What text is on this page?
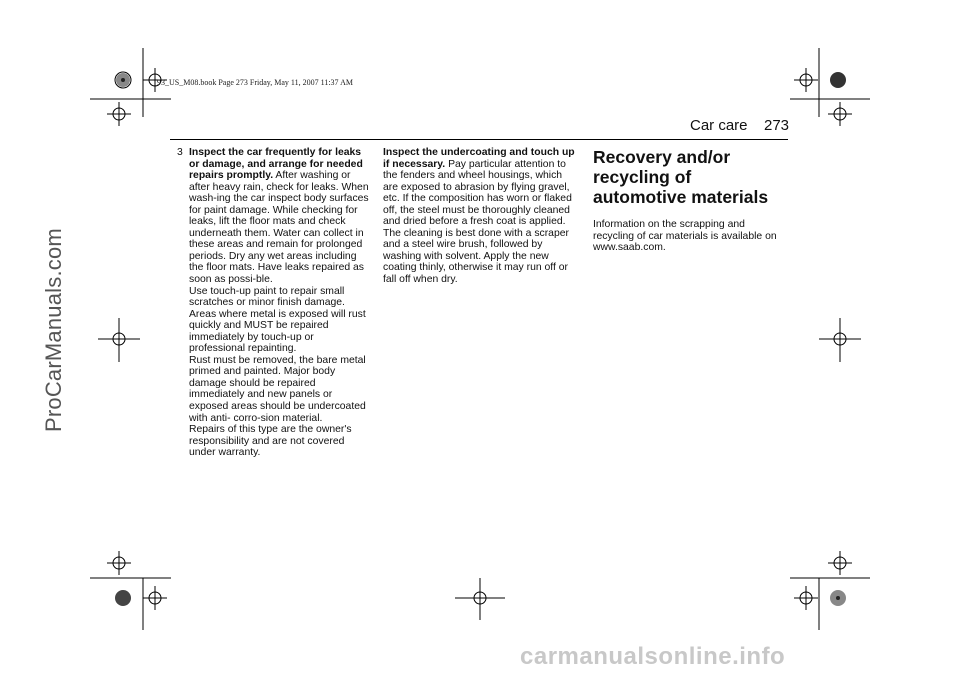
93_US_M08.book Page 273 Friday, May 11, 2007 11:37 AM
Car care 273
3 Inspect the car frequently for leaks or damage, and arrange for needed repairs promptly. After washing or after heavy rain, check for leaks. When wash-ing the car inspect body surfaces for paint damage. While checking for leaks, lift the floor mats and check underneath them. Water can collect in these areas and remain for prolonged periods. Dry any wet areas including the floor mats. Have leaks repaired as soon as possi-ble.

Use touch-up paint to repair small scratches or minor finish damage. Areas where metal is exposed will rust quickly and MUST be repaired immediately by touch-up or professional repainting.

Rust must be removed, the bare metal primed and painted. Major body damage should be repaired immediately and new panels or exposed areas should be undercoated with anti- corro-sion material.

Repairs of this type are the owner's responsibility and are not covered under warranty.

Inspect the undercoating and touch up if necessary. Pay particular attention to the fenders and wheel housings, which are exposed to abrasion by flying gravel, etc. If the composition has worn or flaked off, the steel must be thoroughly cleaned and dried before a fresh coat is applied. The cleaning is best done with a scraper and a steel wire brush, followed by washing with solvent. Apply the new coating thinly, otherwise it may run off or fall off when dry.

Recovery and/or recycling of automotive materials

Information on the scrapping and recycling of car materials is available on www.saab.com.

ProCarManuals.com
carmanualsonline.info
